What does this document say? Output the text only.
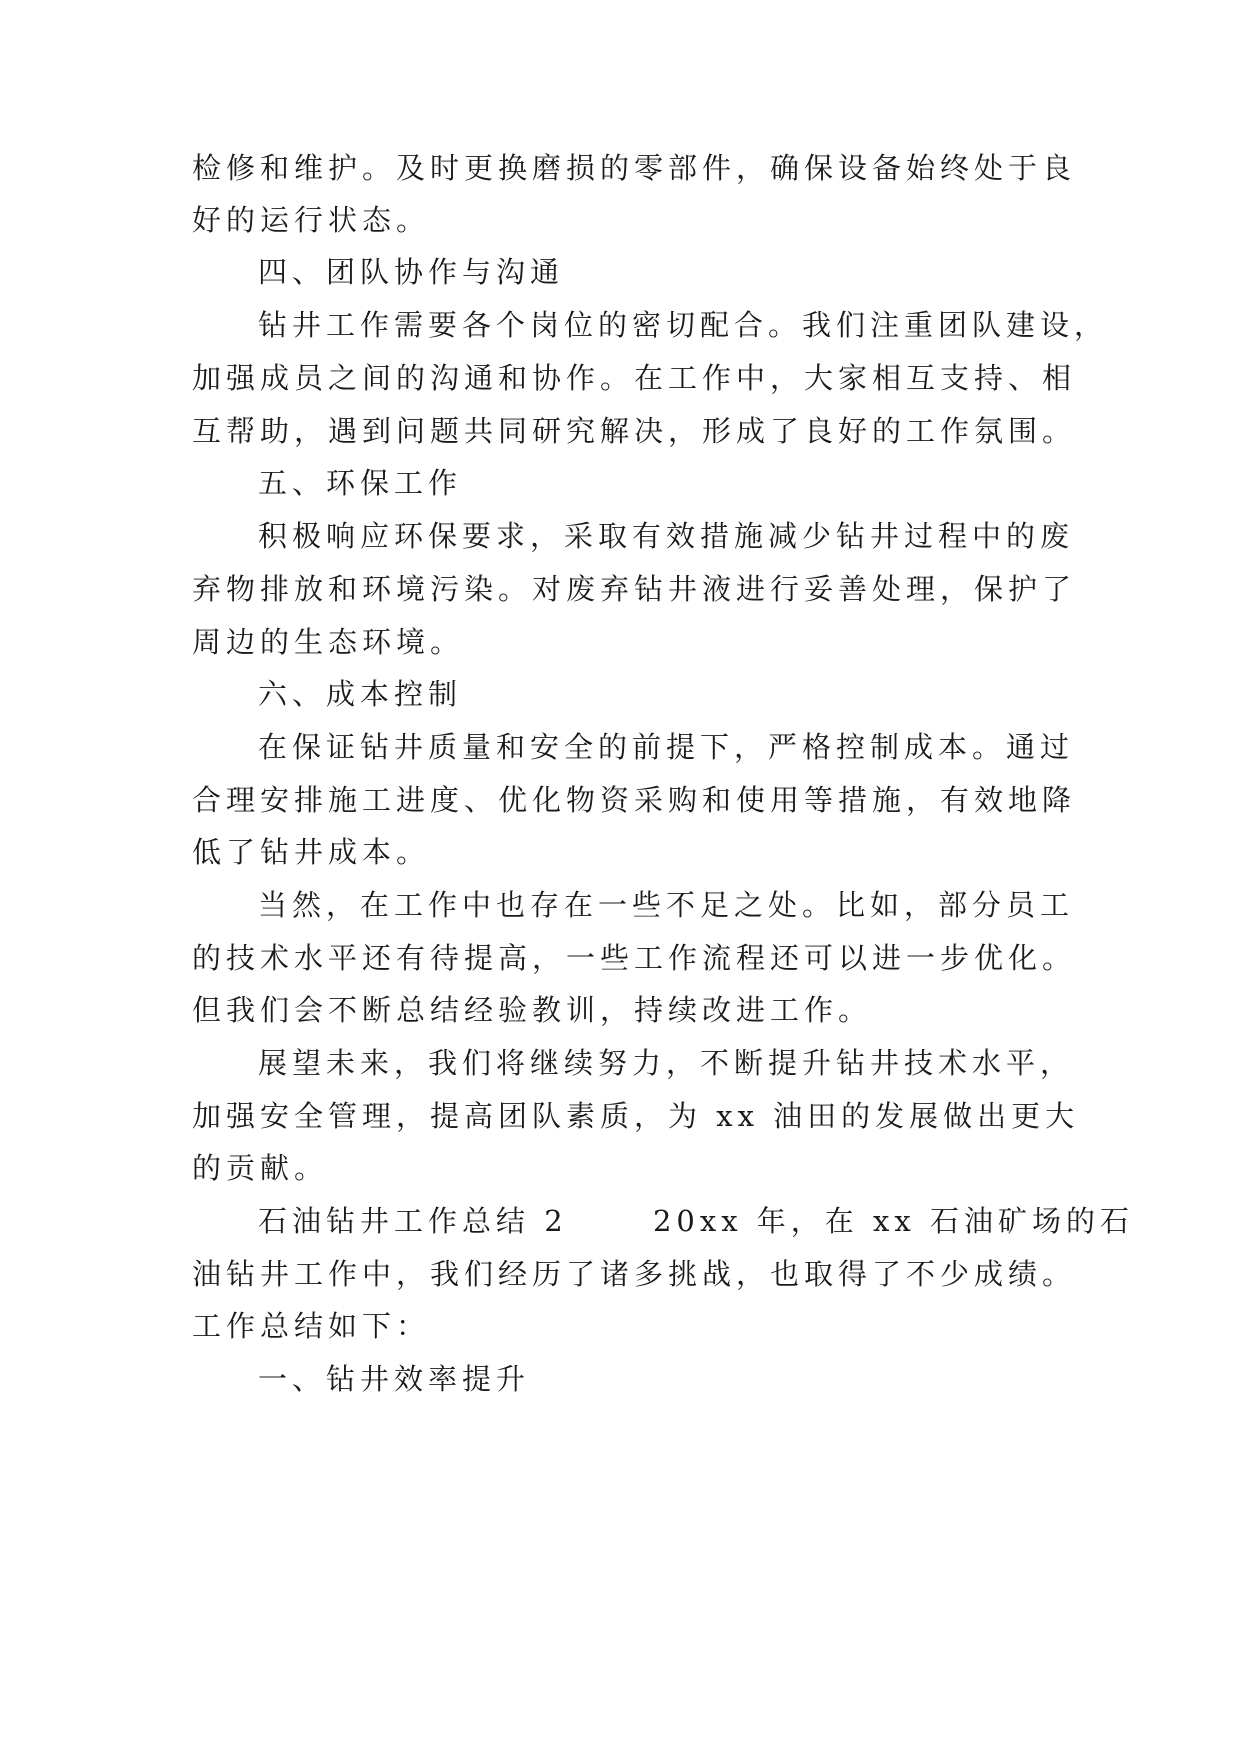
检修和维护。及时更换磨损的零部件，确保设备始终处于良
好的运行状态。
四、团队协作与沟通
钻井工作需要各个岗位的密切配合。我们注重团队建设，
加强成员之间的沟通和协作。在工作中，大家相互支持、相
互帮助，遇到问题共同研究解决，形成了良好的工作氛围。
五、环保工作
积极响应环保要求，采取有效措施减少钻井过程中的废
弃物排放和环境污染。对废弃钻井液进行妥善处理，保护了
周边的生态环境。
六、成本控制
在保证钻井质量和安全的前提下，严格控制成本。通过
合理安排施工进度、优化物资采购和使用等措施，有效地降
低了钻井成本。
当然，在工作中也存在一些不足之处。比如，部分员工
的技术水平还有待提高，一些工作流程还可以进一步优化。
但我们会不断总结经验教训，持续改进工作。
展望未来，我们将继续努力，不断提升钻井技术水平，
加强安全管理，提高团队素质，为 xx 油田的发展做出更大
的贡献。
石油钻井工作总结 2      20xx 年，在 xx 石油矿场的石
油钻井工作中，我们经历了诸多挑战，也取得了不少成绩。
工作总结如下：
一、钻井效率提升
